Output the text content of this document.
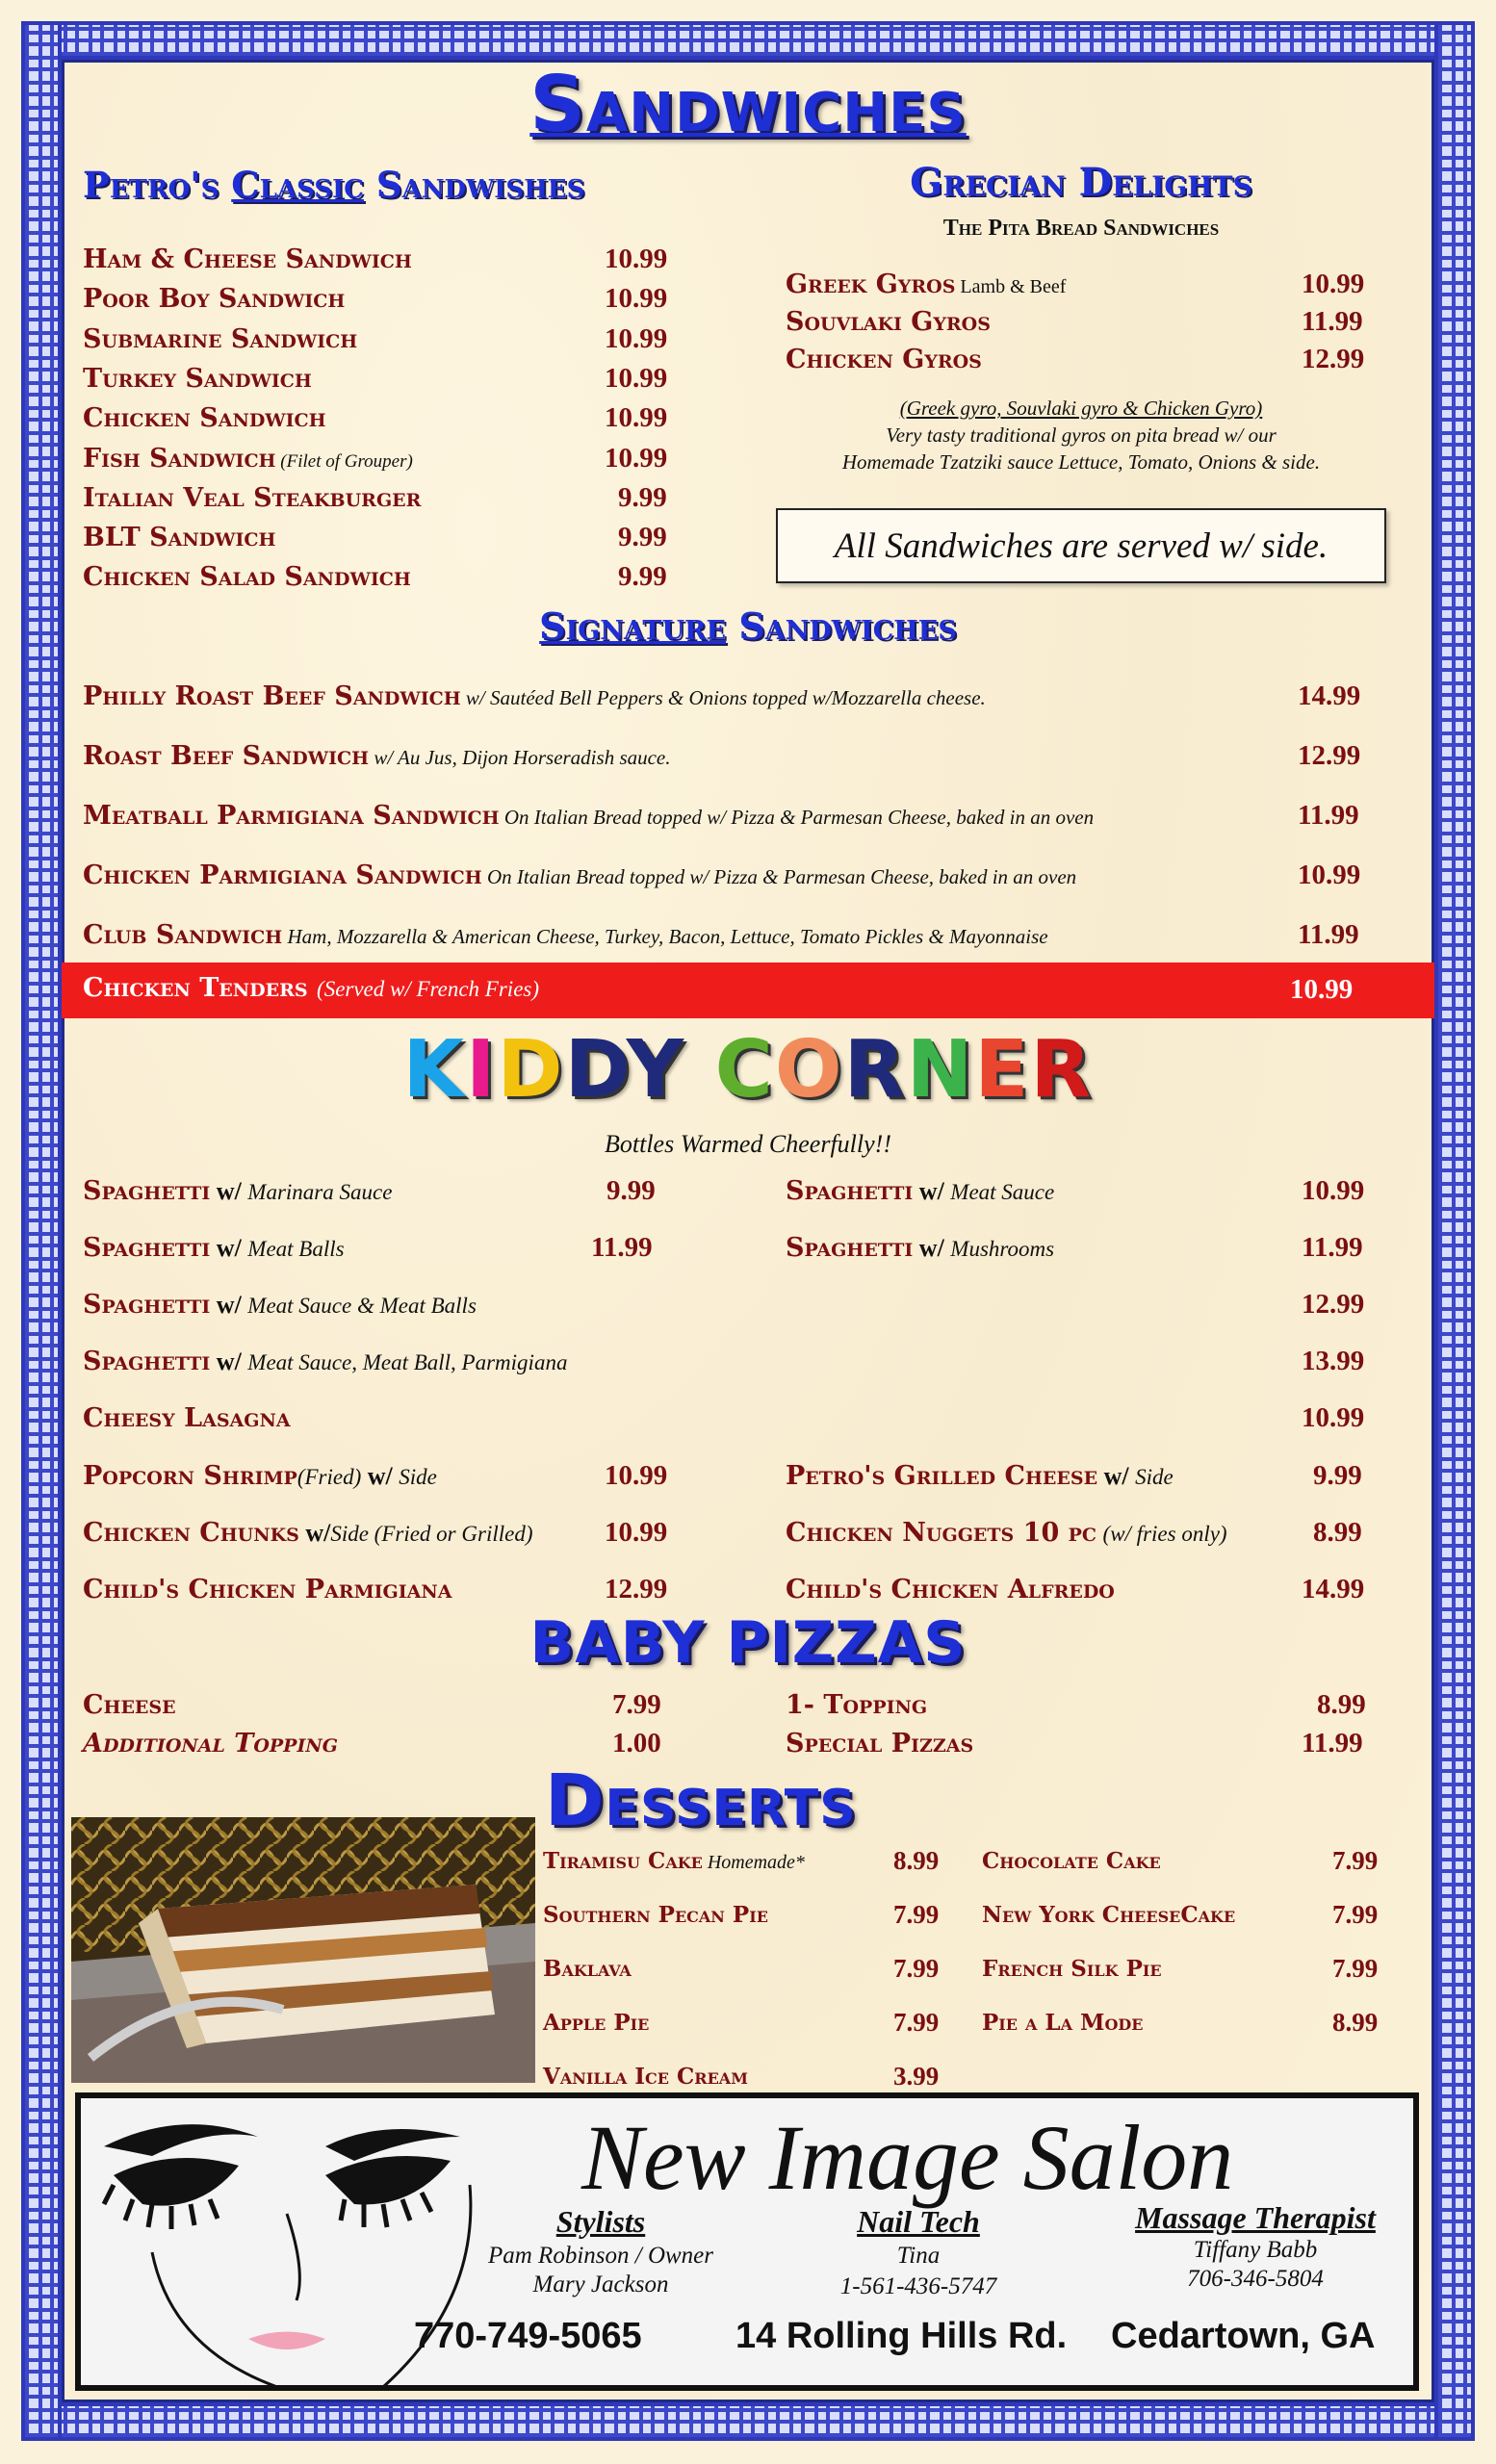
Sandwiches
Petro's Classic Sandwishes
Ham & Cheese Sandwich	10.99
Poor Boy Sandwich	10.99
Submarine Sandwich	10.99
Turkey Sandwich	10.99
Chicken Sandwich	10.99
Fish Sandwich (Filet of Grouper)	10.99
Italian Veal Steakburger	9.99
BLT Sandwich	9.99
Chicken Salad Sandwich	9.99
Grecian Delights
The Pita Bread Sandwiches
Greek Gyros Lamb & Beef	10.99
Souvlaki Gyros	11.99
Chicken Gyros	12.99
(Greek gyro, Souvlaki gyro & Chicken Gyro)
Very tasty traditional gyros on pita bread w/ our
Homemade Tzatziki sauce Lettuce, Tomato, Onions & side.
All Sandwiches are served w/ side.
Signature Sandwiches
Philly Roast Beef Sandwich w/ Sautéed Bell Peppers & Onions topped w/Mozzarella cheese.	14.99
Roast Beef Sandwich w/ Au Jus, Dijon Horseradish sauce.	12.99
Meatball Parmigiana Sandwich On Italian Bread topped w/ Pizza & Parmesan Cheese, baked in an oven	11.99
Chicken Parmigiana Sandwich On Italian Bread topped w/ Pizza & Parmesan Cheese, baked in an oven	10.99
Club Sandwich Ham, Mozzarella & American Cheese, Turkey, Bacon, Lettuce, Tomato Pickles & Mayonnaise	11.99
Chicken Tenders (Served w/ French Fries)	10.99
KIDDY CORNER
Bottles Warmed Cheerfully!!
Spaghetti w/ Marinara Sauce	9.99
Spaghetti w/ Meat Balls	11.99
Spaghetti w/ Meat Sauce	10.99
Spaghetti w/ Mushrooms	11.99
Spaghetti w/ Meat Sauce & Meat Balls	12.99
Spaghetti w/ Meat Sauce, Meat Ball, Parmigiana	13.99
Cheesy Lasagna	10.99
Popcorn Shrimp(Fried) w/ Side	10.99	Petro's Grilled Cheese w/ Side	9.99
Chicken Chunks w/Side (Fried or Grilled)	10.99	Chicken Nuggets 10 pc (w/ fries only)	8.99
Child's Chicken Parmigiana	12.99	Child's Chicken Alfredo	14.99
BABY PIZZAS
Cheese	7.99
Additional Topping	1.00
1- Topping	8.99
Special Pizzas	11.99
Desserts
Tiramisu Cake Homemade*	8.99
Southern Pecan Pie	7.99
Baklava	7.99
Apple Pie	7.99
Vanilla Ice Cream	3.99
Chocolate Cake	7.99
New York CheeseCake	7.99
French Silk Pie	7.99
Pie a La Mode	8.99
New Image Salon
Stylists
Pam Robinson / Owner
Mary Jackson
Nail Tech
Tina
1-561-436-5747
Massage Therapist
Tiffany Babb
706-346-5804
770-749-5065	14 Rolling Hills Rd. Cedartown, GA
